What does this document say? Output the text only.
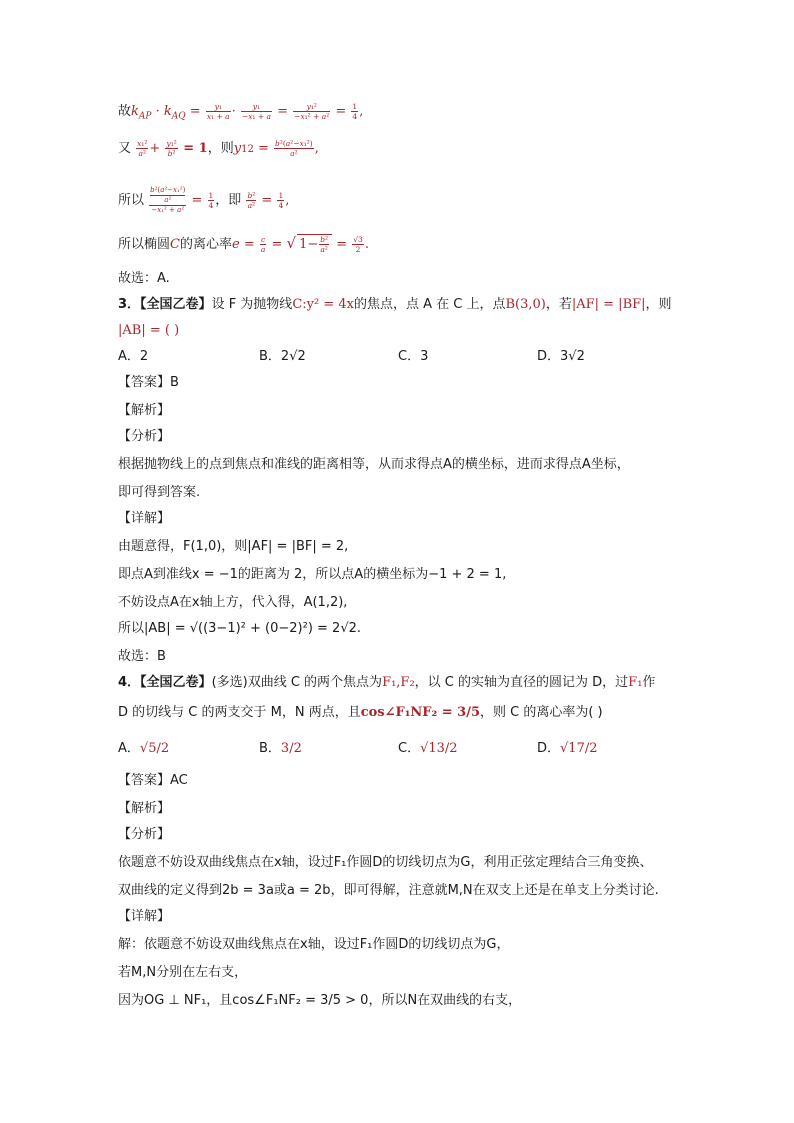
故$k_{AP} \cdot k_{AQ} = \frac{\text{y₁}}{\text{x₁ + a}} \cdot \frac{\text{y₁}}{\text{−x₁ + a}} = \frac{\text{y₁²}}{\text{−x₁² + a²}} = \frac{1}{4}$ ,
又 $\frac{\text{x₁²}}{\text{a²}} + \frac{\text{y₁²}}{\text{b²}} = 1$，则$y12 = \frac{\text{b²(a²−x₁²)}}{\text{a²}}$ ,
所以 b²(a²−x₁²)
a²
$-x_1^2 + a^2 = \frac{1}{4}$ ，即 $\frac{\text{b²}}{\text{a²}} = \frac{1}{4}$ ,
所以椭圆C的离心率$e = \frac{c}{a}$ = √ $1- \frac{\text{b²}}{\text{a²}} = \frac{√3}{2}$ .
故选：A.
3．【全国乙卷】设 F 为抛物线C:y² = 4x的焦点，点 A 在 C 上，点B(3,0)，若|AF| = |BF|，则
|AB| = ( )
A．2	B．2√2	C．3	D．3√2
【答案】B
【解析】
【分析】
根据抛物线上的点到焦点和准线的距离相等，从而求得点A的横坐标，进而求得点A坐标，
即可得到答案.
【详解】
由题意得，F(1,0)，则|AF| = |BF| = 2,
即点A到准线x = −1的距离为 2，所以点A的横坐标为−1 + 2 = 1,
不妨设点A在x轴上方，代入得，A(1,2),
所以|AB| = √((3−1)² + (0−2)²) = 2√2.
故选：B
4．【全国乙卷】(多选)双曲线 C 的两个焦点为F₁,F₂，以 C 的实轴为直径的圆记为 D，过F₁作
D 的切线与 C 的两支交于 M，N 两点，且cos∠F₁NF₂ = 3/5，则 C 的离心率为( )
A．√5/2	B．3/2	C．√13/2	D．√17/2
【答案】AC
【解析】
【分析】
依题意不妨设双曲线焦点在x轴，设过F₁作圆D的切线切点为G，利用正弦定理结合三角变换、
双曲线的定义得到2b = 3a或a = 2b，即可得解，注意就M,N在双支上还是在单支上分类讨论.
【详解】
解：依题意不妨设双曲线焦点在x轴，设过F₁作圆D的切线切点为G，
若M,N分别在左右支，
因为OG ⊥ NF₁，且cos∠F₁NF₂ = 3/5 > 0，所以N在双曲线的右支，
